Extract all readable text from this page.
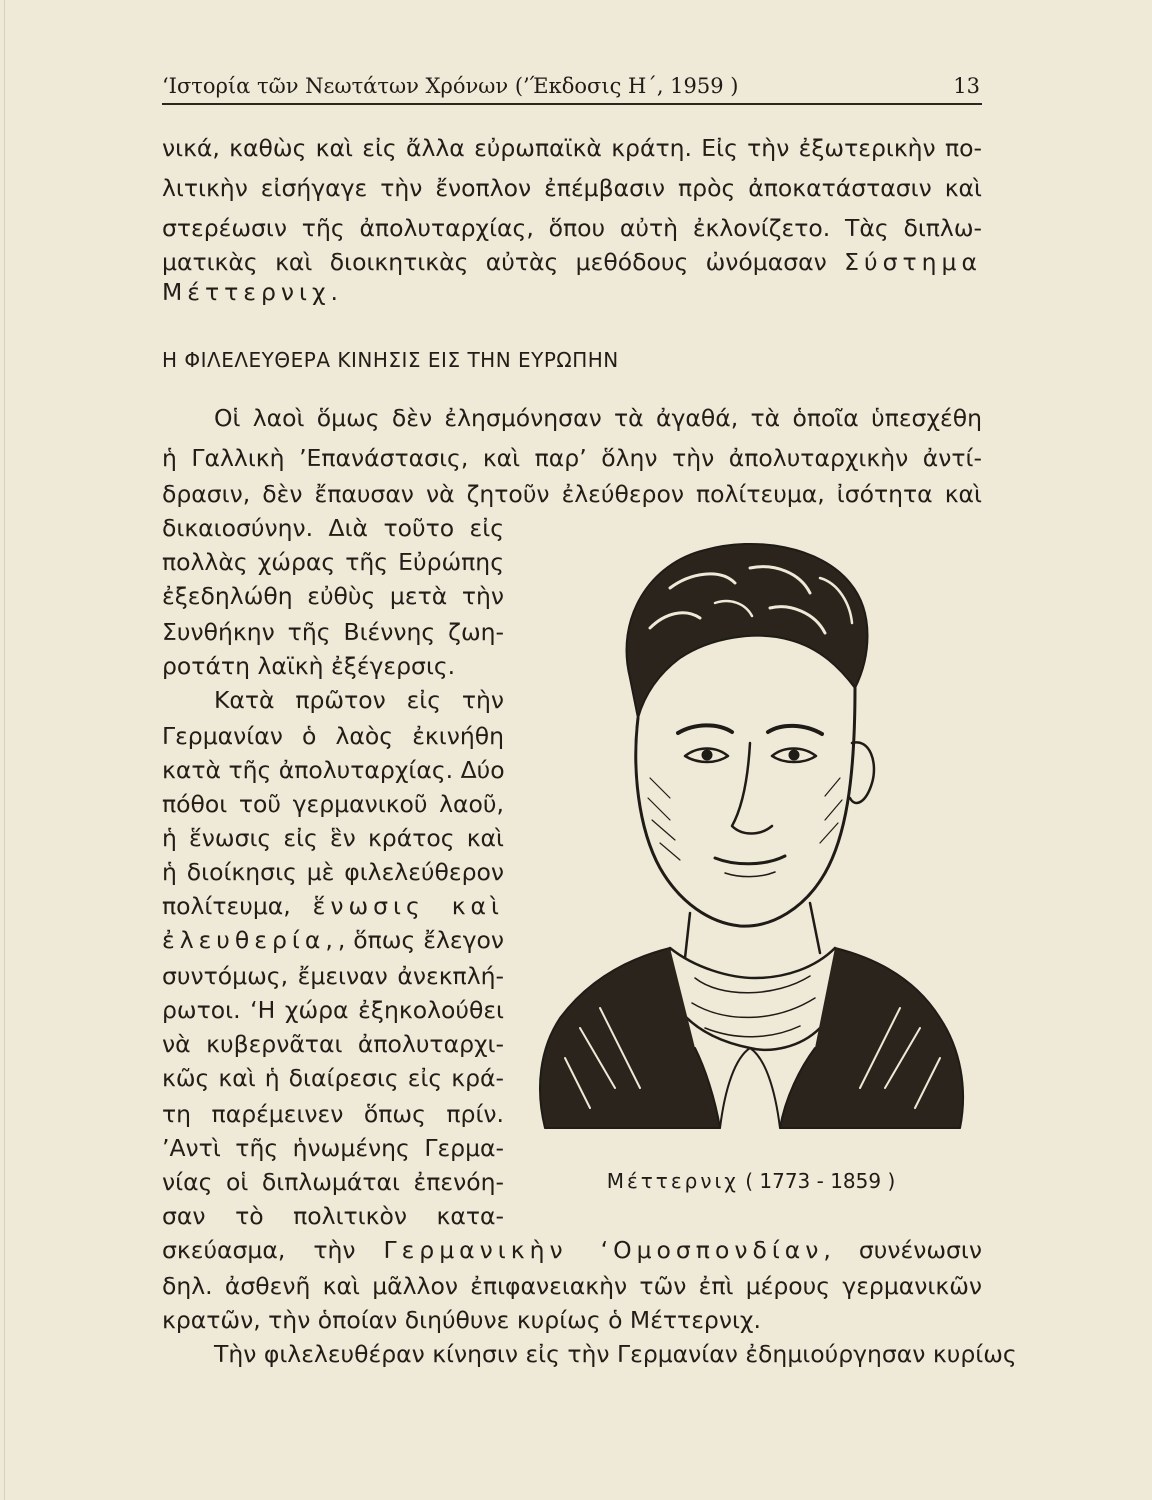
‘Ιστορία τῶν Νεωτάτων Χρόνων (’Έκδοσις Η΄, 1959 )	13
νικά, καθὼς καὶ εἰς ἄλλα εὐρωπαϊκὰ κράτη. Εἰς τὴν ἐξωτερικὴν πο-
λιτικὴν εἰσήγαγε τὴν ἔνοπλον ἐπέμβασιν πρὸς ἀποκατάστασιν καὶ
στερέωσιν τῆς ἀπολυταρχίας, ὅπου αὐτὴ ἐκλονίζετο. Τὰς διπλω-
ματικὰς καὶ διοικητικὰς αὐτὰς μεθόδους ὠνόμασαν Σύστημα
Μέττερνιχ.
Η ΦΙΛΕΛΕΥΘΕΡΑ ΚΙΝΗΣΙΣ ΕΙΣ ΤΗΝ ΕΥΡΩΠΗΝ
Οἱ λαοὶ ὅμως δὲν ἐλησμόνησαν τὰ ἀγαθά, τὰ ὁποῖα ὑπεσχέθη
ἡ Γαλλικὴ ’Επανάστασις, καὶ παρ’ ὅλην τὴν ἀπολυταρχικὴν ἀντί-
δρασιν, δὲν ἔπαυσαν νὰ ζητοῦν ἐλεύθερον πολίτευμα, ἰσότητα καὶ
δικαιοσύνην. Διὰ τοῦτο εἰς
πολλὰς χώρας τῆς Εὐρώπης
ἐξεδηλώθη εὐθὺς μετὰ τὴν
Συνθήκην τῆς Βιέννης ζωη-
ροτάτη λαϊκὴ ἐξέγερσις.
Κατὰ πρῶτον εἰς τὴν
Γερμανίαν ὁ λαὸς ἐκινήθη
κατὰ τῆς ἀπολυταρχίας. Δύο
πόθοι τοῦ γερμανικοῦ λαοῦ,
ἡ ἕνωσις εἰς ἓν κράτος καὶ
ἡ διοίκησις μὲ φιλελεύθερον
πολίτευμα, ἕνωσις καὶ
ἐλευθερία,, ὅπως ἔλεγον
συντόμως, ἔμειναν ἀνεκπλή-
ρωτοι. ‘Η χώρα ἐξηκολούθει
νὰ κυβερνᾶται ἀπολυταρχι-
κῶς καὶ ἡ διαίρεσις εἰς κρά-
τη παρέμεινεν ὅπως πρίν.
’Αντὶ τῆς ἡνωμένης Γερμα-
νίας οἱ διπλωμάται ἐπενόη-
σαν τὸ πολιτικὸν κατα-
σκεύασμα, τὴν Γερμανικὴν ‘Ομοσπονδίαν, συνένωσιν
δηλ. ἀσθενῆ καὶ μᾶλλον ἐπιφανειακὴν τῶν ἐπὶ μέρους γερμανικῶν
κρατῶν, τὴν ὁποίαν διηύθυνε κυρίως ὁ Μέττερνιχ.
Τὴν φιλελευθέραν κίνησιν εἰς τὴν Γερμανίαν ἐδημιούργησαν κυρίως
Μέττερνιχ ( 1773 - 1859 )
